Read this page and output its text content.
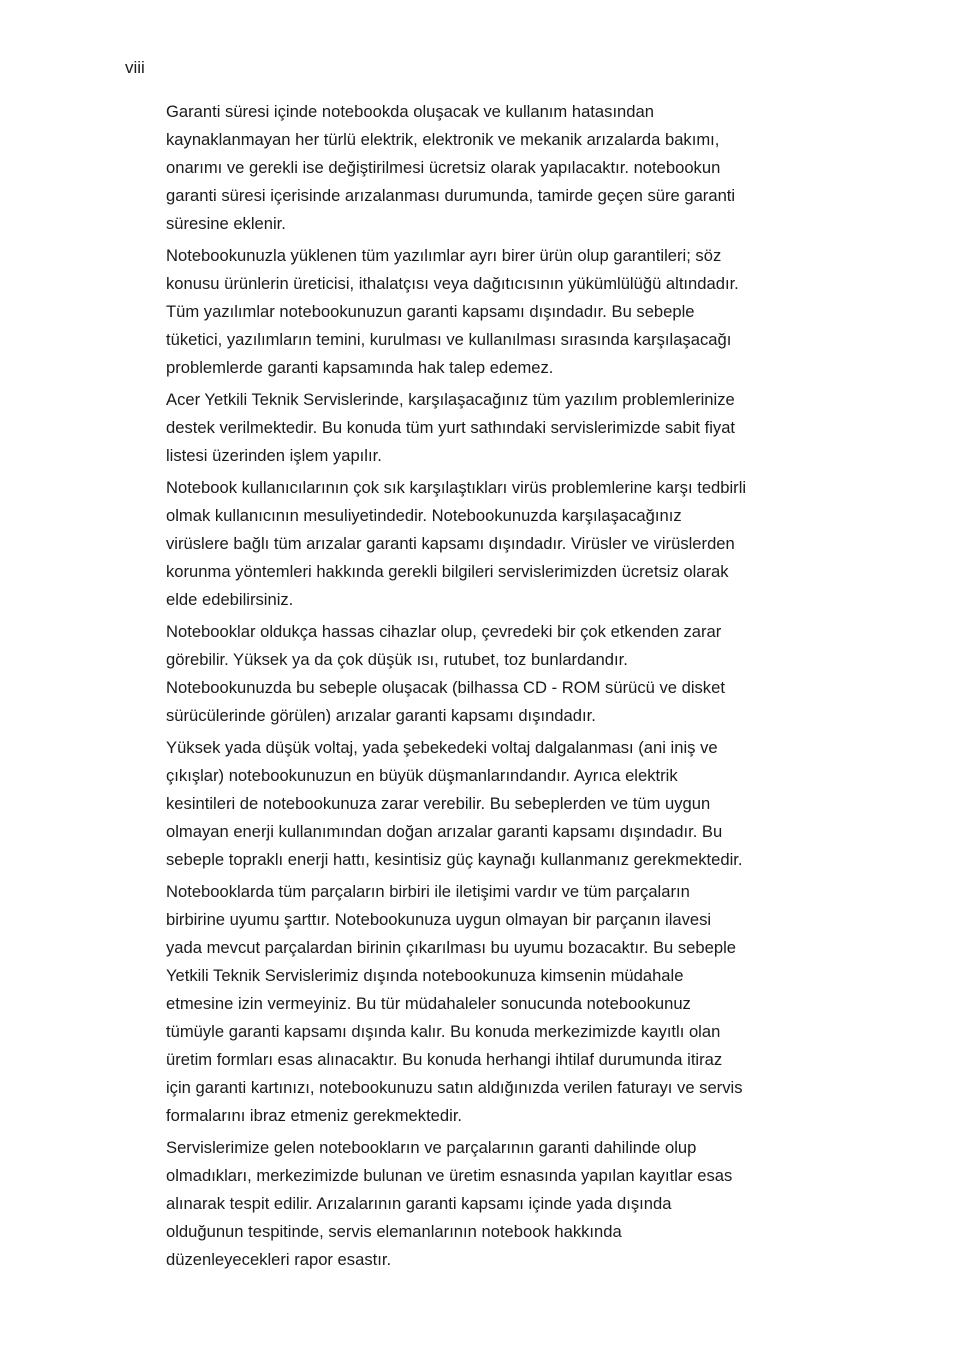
viii

Garanti süresi içinde notebookda oluşacak ve kullanım hatasından
kaynaklanmayan her türlü elektrik, elektronik ve mekanik arızalarda bakımı,
onarımı ve gerekli ise değiştirilmesi ücretsiz olarak yapılacaktır. notebookun
garanti süresi içerisinde arızalanması durumunda, tamirde geçen süre garanti
süresine eklenir.

Notebookunuzla yüklenen tüm yazılımlar ayrı birer ürün olup garantileri; söz
konusu ürünlerin üreticisi, ithalatçısı veya dağıtıcısının yükümlülüğü altındadır.
Tüm yazılımlar notebookunuzun garanti kapsamı dışındadır. Bu sebeple
tüketici, yazılımların temini, kurulması ve kullanılması sırasında karşılaşacağı
problemlerde garanti kapsamında hak talep edemez.

Acer Yetkili Teknik Servislerinde, karşılaşacağınız tüm yazılım problemlerinize
destek verilmektedir. Bu konuda tüm yurt sathındaki servislerimizde sabit fiyat
listesi üzerinden işlem yapılır.

Notebook kullanıcılarının çok sık karşılaştıkları virüs problemlerine karşı tedbirli
olmak kullanıcının mesuliyetindedir. Notebookunuzda karşılaşacağınız
virüslere bağlı tüm arızalar garanti kapsamı dışındadır. Virüsler ve virüslerden
korunma yöntemleri hakkında gerekli bilgileri servislerimizden ücretsiz olarak
elde edebilirsiniz.

Notebooklar oldukça hassas cihazlar olup, çevredeki bir çok etkenden zarar
görebilir. Yüksek ya da çok düşük ısı, rutubet, toz bunlardandır.
Notebookunuzda bu sebeple oluşacak (bilhassa CD - ROM sürücü ve disket
sürücülerinde görülen) arızalar garanti kapsamı dışındadır.

Yüksek yada düşük voltaj, yada şebekedeki voltaj dalgalanması (ani iniş ve
çıkışlar) notebookunuzun en büyük düşmanlarındandır. Ayrıca elektrik
kesintileri de notebookunuza zarar verebilir. Bu sebeplerden ve tüm uygun
olmayan enerji kullanımından doğan arızalar garanti kapsamı dışındadır. Bu
sebeple topraklı enerji hattı, kesintisiz güç kaynağı kullanmanız gerekmektedir.

Notebooklarda tüm parçaların birbiri ile iletişimi vardır ve tüm parçaların
birbirine uyumu şarttır. Notebookunuza uygun olmayan bir parçanın ilavesi
yada mevcut parçalardan birinin çıkarılması bu uyumu bozacaktır. Bu sebeple
Yetkili Teknik Servislerimiz dışında notebookunuza kimsenin müdahale
etmesine izin vermeyiniz. Bu tür müdahaleler sonucunda notebookunuz
tümüyle garanti kapsamı dışında kalır. Bu konuda merkezimizde kayıtlı olan
üretim formları esas alınacaktır. Bu konuda herhangi ihtilaf durumunda itiraz
için garanti kartınızı, notebookunuzu satın aldığınızda verilen faturayı ve servis
formalarını ibraz etmeniz gerekmektedir.

Servislerimize gelen notebookların ve parçalarının garanti dahilinde olup
olmadıkları, merkezimizde bulunan ve üretim esnasında yapılan kayıtlar esas
alınarak tespit edilir. Arızalarının garanti kapsamı içinde yada dışında
olduğunun tespitinde, servis elemanlarının notebook hakkında
düzenleyecekleri rapor esastır.
